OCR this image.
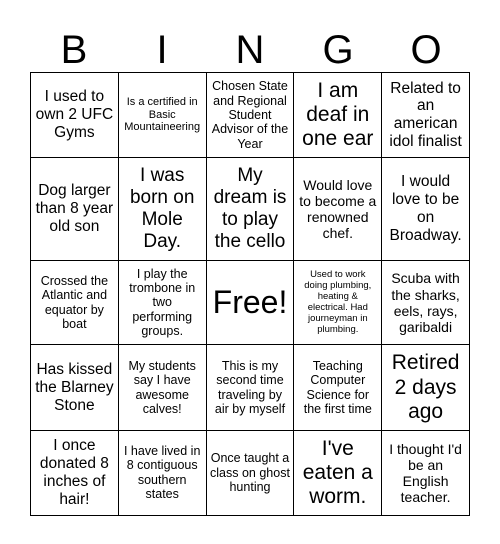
B	I	N	G	O
I used to own 2 UFC Gyms	Is a certified in Basic Mountaineering	Chosen State and Regional Student Advisor of the Year	I am deaf in one ear	Related to an american idol finalist
Dog larger than 8 year old son	I was born on Mole Day.	My dream is to play the cello	Would love to become a renowned chef.	I would love to be on Broadway.
Crossed the Atlantic and equator by boat	I play the trombone in two performing groups.	Free!	Used to work doing plumbing, heating & electrical. Had journeyman in plumbing.	Scuba with the sharks, eels, rays, garibaldi
Has kissed the Blarney Stone	My students say I have awesome calves!	This is my second time traveling by air by myself	Teaching Computer Science for the first time	Retired 2 days ago
I once donated 8 inches of hair!	I have lived in 8 contiguous southern states	Once taught a class on ghost hunting	I've eaten a worm.	I thought I'd be an English teacher.
